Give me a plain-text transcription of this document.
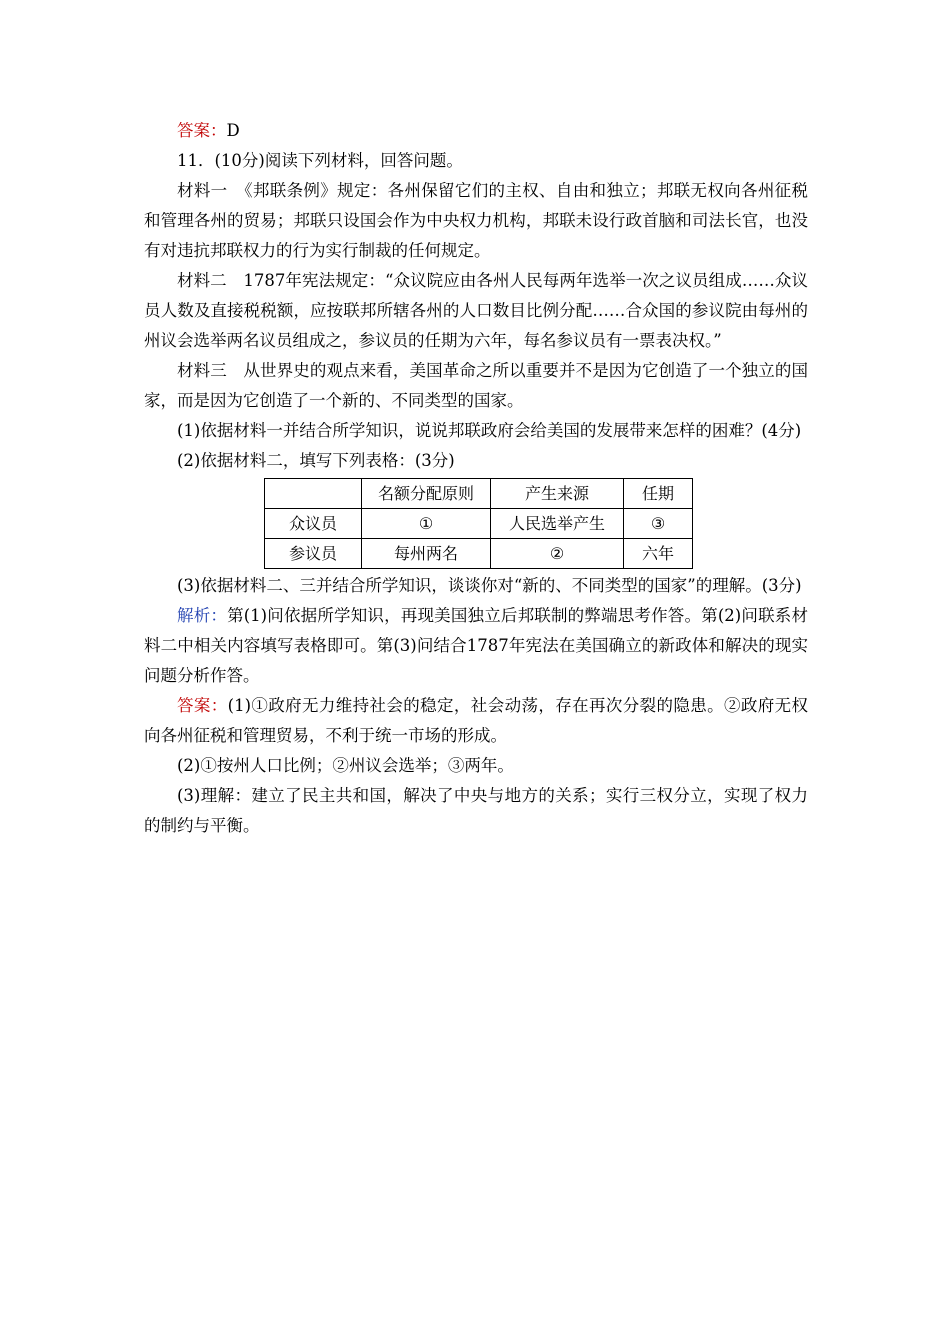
答案：D

11．(10分)阅读下列材料，回答问题。

材料一　《邦联条例》规定：各州保留它们的主权、自由和独立；邦联无权向各州征税和管理各州的贸易；邦联只设国会作为中央权力机构，邦联未设行政首脑和司法长官，也没有对违抗邦联权力的行为实行制裁的任何规定。

材料二　1787年宪法规定：“众议院应由各州人民每两年选举一次之议员组成……众议员人数及直接税税额，应按联邦所辖各州的人口数目比例分配……合众国的参议院由每州的州议会选举两名议员组成之，参议员的任期为六年，每名参议员有一票表决权。”

材料三　从世界史的观点来看，美国革命之所以重要并不是因为它创造了一个独立的国家，而是因为它创造了一个新的、不同类型的国家。

(1)依据材料一并结合所学知识，说说邦联政府会给美国的发展带来怎样的困难？(4分)

(2)依据材料二，填写下列表格：(3分)

	名额分配原则	产生来源	任期
众议员	①	人民选举产生	③
参议员	每州两名	②	六年

(3)依据材料二、三并结合所学知识，谈谈你对“新的、不同类型的国家”的理解。(3分)

解析：第(1)问依据所学知识，再现美国独立后邦联制的弊端思考作答。第(2)问联系材料二中相关内容填写表格即可。第(3)问结合1787年宪法在美国确立的新政体和解决的现实问题分析作答。

答案：(1)①政府无力维持社会的稳定，社会动荡，存在再次分裂的隐患。②政府无权向各州征税和管理贸易，不利于统一市场的形成。

(2)①按州人口比例；②州议会选举；③两年。

(3)理解：建立了民主共和国，解决了中央与地方的关系；实行三权分立，实现了权力的制约与平衡。
